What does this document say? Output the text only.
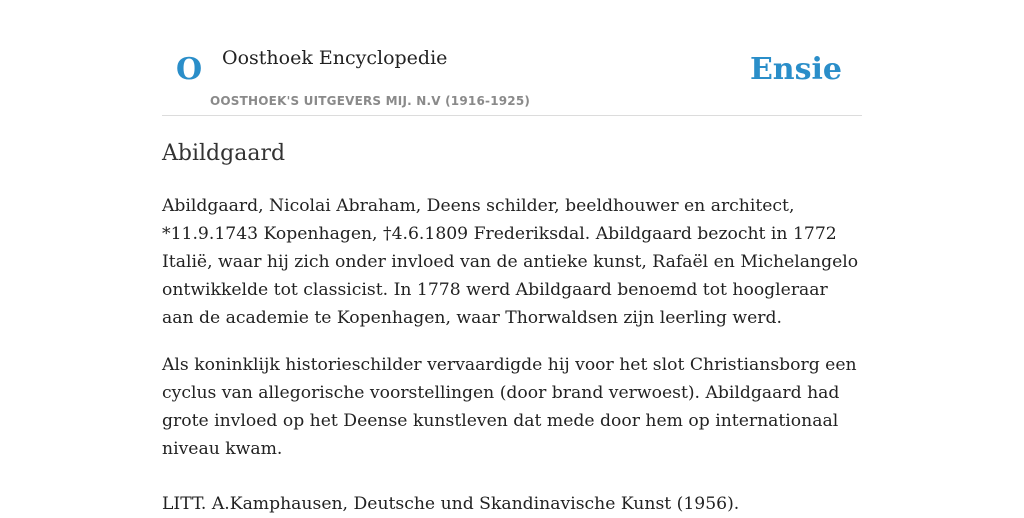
O Oosthoek Encyclopedie
OOSTHOEK'S UITGEVERS MIJ. N.V (1916-1925)
Ensie
Abildgaard

Abildgaard, Nicolai Abraham, Deens schilder, beeldhouwer en architect, *11.9.1743 Kopenhagen, †4.6.1809 Frederiksdal. Abildgaard bezocht in 1772 Italië, waar hij zich onder invloed van de antieke kunst, Rafaël en Michelangelo ontwikkelde tot classicist. In 1778 werd Abildgaard benoemd tot hoogleraar aan de academie te Kopenhagen, waar Thorwaldsen zijn leerling werd.

Als koninklijk historieschilder vervaardigde hij voor het slot Christiansborg een cyclus van allegorische voorstellingen (door brand verwoest). Abildgaard had grote invloed op het Deense kunstleven dat mede door hem op internationaal niveau kwam.

LITT. A.Kamphausen, Deutsche und Skandinavische Kunst (1956).
